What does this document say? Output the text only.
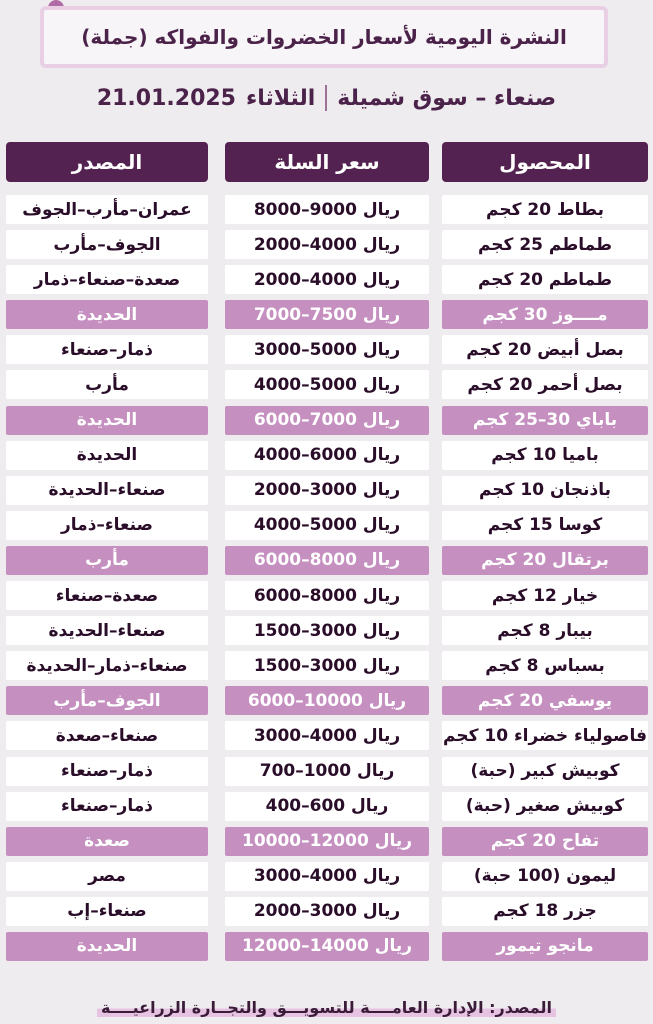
النشرة اليومية لأسعار الخضروات والفواكه (جملة)
صنعاء – سوق شميلة
الثلاثاء
21.01.2025
المحصول
سعر السلة
المصدر
بطاط 20 كجم
8000–9000 ريال
عمران–مأرب–الجوف
طماطم 25 كجم
2000–4000 ريال
الجوف–مأرب
طماطم 20 كجم
2000–4000 ريال
صعدة–صنعاء–ذمار
مــــوز 30 كجم
7000–7500 ريال
الحديدة
بصل أبيض 20 كجم
3000–5000 ريال
ذمار–صنعاء
بصل أحمر 20 كجم
4000–5000 ريال
مأرب
باباي 30–25 كجم
6000–7000 ريال
الحديدة
باميا 10 كجم
4000–6000 ريال
الحديدة
باذنجان 10 كجم
2000–3000 ريال
صنعاء–الحديدة
كوسا 15 كجم
4000–5000 ريال
صنعاء–ذمار
برتقال 20 كجم
6000–8000 ريال
مأرب
خيار 12 كجم
6000–8000 ريال
صعدة–صنعاء
بيبار 8 كجم
1500–3000 ريال
صنعاء–الحديدة
بسباس 8 كجم
1500–3000 ريال
صنعاء–ذمار–الحديدة
يوسفي 20 كجم
6000–10000 ريال
الجوف–مأرب
فاصولياء خضراء 10 كجم
3000–4000 ريال
صنعاء–صعدة
كوبيش كبير (حبة)
700–1000 ريال
ذمار–صنعاء
كوبيش صغير (حبة)
400–600 ريال
ذمار–صنعاء
تفاح 20 كجم
10000–12000 ريال
صعدة
ليمون (100 حبة)
3000–4000 ريال
مصر
جزر 18 كجم
2000–3000 ريال
صنعاء–إب
مانجو تيمور
12000–14000 ريال
الحديدة
المصدر: الإدارة العامــــة للتسويـــق والتجــارة الزراعيــــة
